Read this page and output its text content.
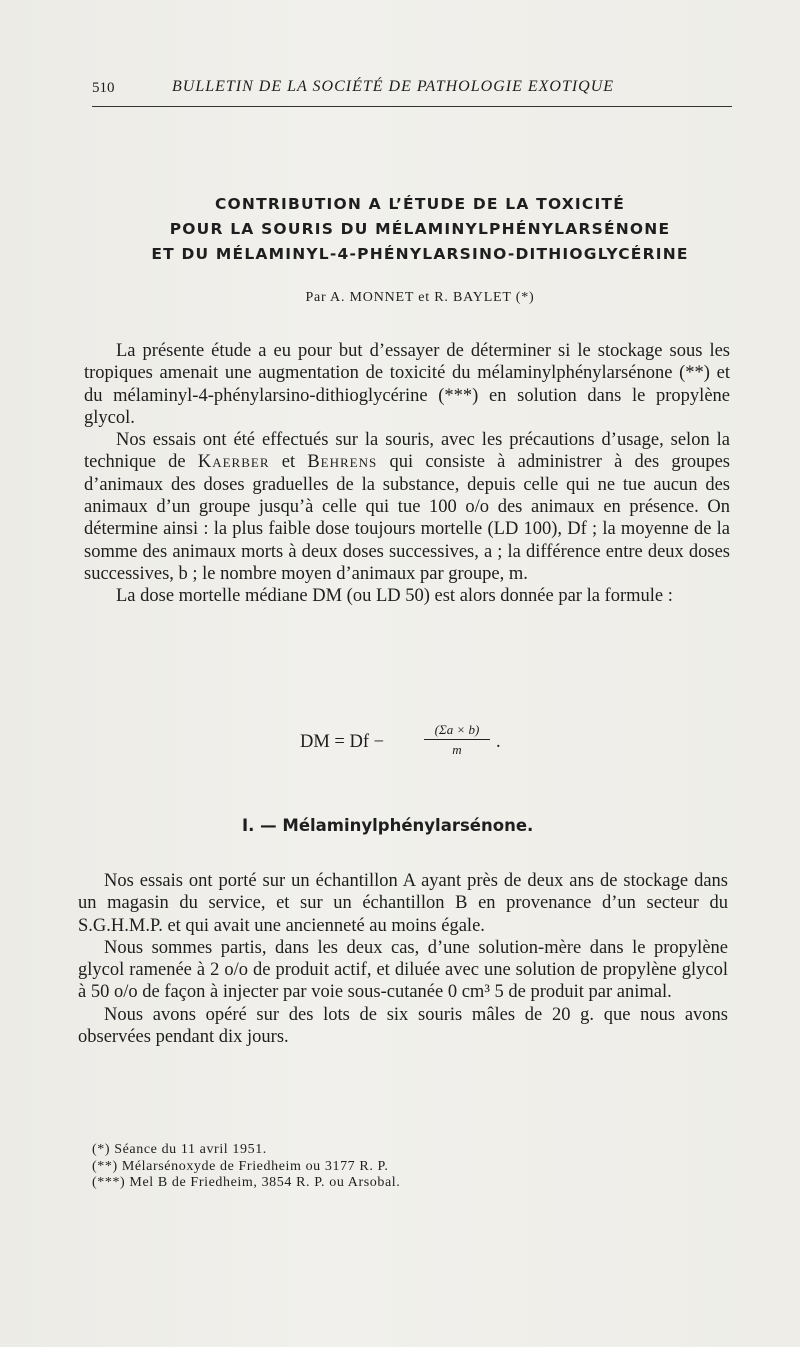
510	BULLETIN DE LA SOCIÉTÉ DE PATHOLOGIE EXOTIQUE
CONTRIBUTION A L’ÉTUDE DE LA TOXICITÉ
POUR LA SOURIS DU MÉLAMINYLPHÉNYLARSÉNONE
ET DU MÉLAMINYL-4-PHÉNYLARSINO-DITHIOGLYCÉRINE
Par A. MONNET et R. BAYLET (*)

La présente étude a eu pour but d’essayer de déterminer si le stockage sous les tropiques amenait une augmentation de toxicité du mélaminylphénylarsénone (**) et du mélaminyl-4-phénylarsino-dithioglycérine (***) en solution dans le propylène glycol.

Nos essais ont été effectués sur la souris, avec les précautions d’usage, selon la technique de Kaerber et Behrens qui consiste à administrer à des groupes d’animaux des doses graduelles de la substance, depuis celle qui ne tue aucun des animaux d’un groupe jusqu’à celle qui tue 100 o/o des animaux en présence. On détermine ainsi : la plus faible dose toujours mortelle (LD 100), Df ; la moyenne de la somme des animaux morts à deux doses successives, a ; la différence entre deux doses successives, b ; le nombre moyen d’animaux par groupe, m.

La dose mortelle médiane DM (ou LD 50) est alors donnée par la formule :

DM = Df −	$\frac{(\Sigma a \times b)}{m}$ .
I. — Mélaminylphénylarsénone.

Nos essais ont porté sur un échantillon A ayant près de deux ans de stockage dans un magasin du service, et sur un échantillon B en provenance d’un secteur du S.G.H.M.P. et qui avait une ancienneté au moins égale.

Nous sommes partis, dans les deux cas, d’une solution-mère dans le propylène glycol ramenée à 2 o/o de produit actif, et diluée avec une solution de propylène glycol à 50 o/o de façon à injecter par voie sous-cutanée 0 cm³ 5 de produit par animal.

Nous avons opéré sur des lots de six souris mâles de 20 g. que nous avons observées pendant dix jours.

(*) Séance du 11 avril 1951.
(**) Mélarsénoxyde de Friedheim ou 3177 R. P.
(***) Mel B de Friedheim, 3854 R. P. ou Arsobal.
